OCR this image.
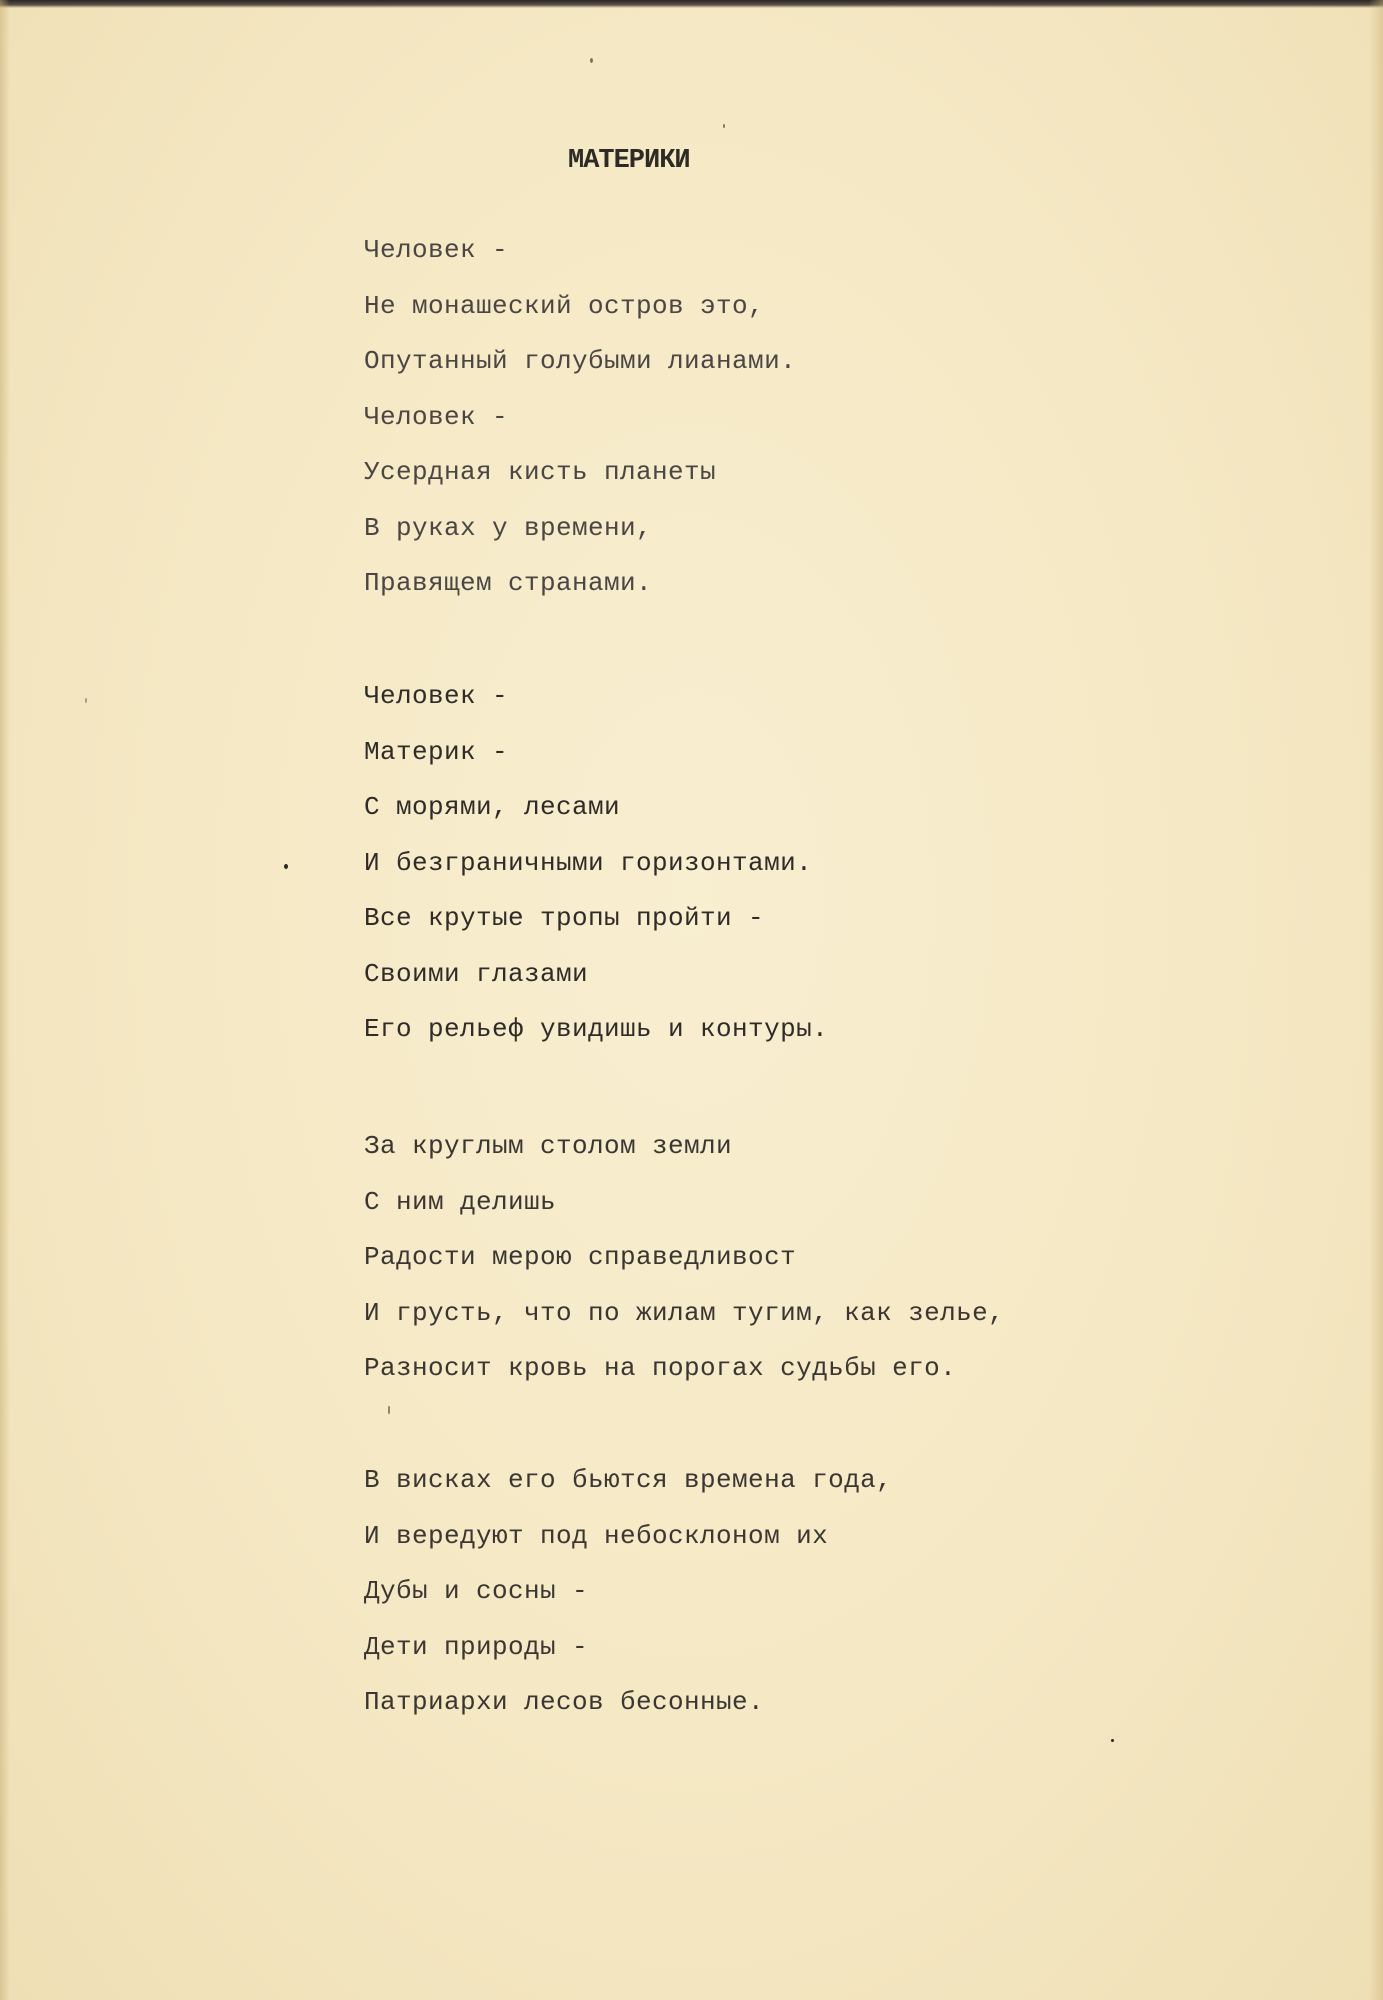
МАТЕРИКИ
Человек -
Не монашеский остров это,
Опутанный голубыми лианами.
Человек -
Усердная кисть планеты
В руках у времени,
Правящем странами.
Человек -
Материк -
С морями, лесами
И безграничными горизонтами.
Все крутые тропы пройти -
Своими глазами
Его рельеф увидишь и контуры.
За круглым столом земли
С ним делишь
Радости мерою справедливост
И грусть, что по жилам тугим, как зелье,
Разносит кровь на порогах судьбы его.
В висках его бьются времена года,
И вередуют под небосклоном их
Дубы и сосны -
Дети природы -
Патриархи лесов бесонные.
